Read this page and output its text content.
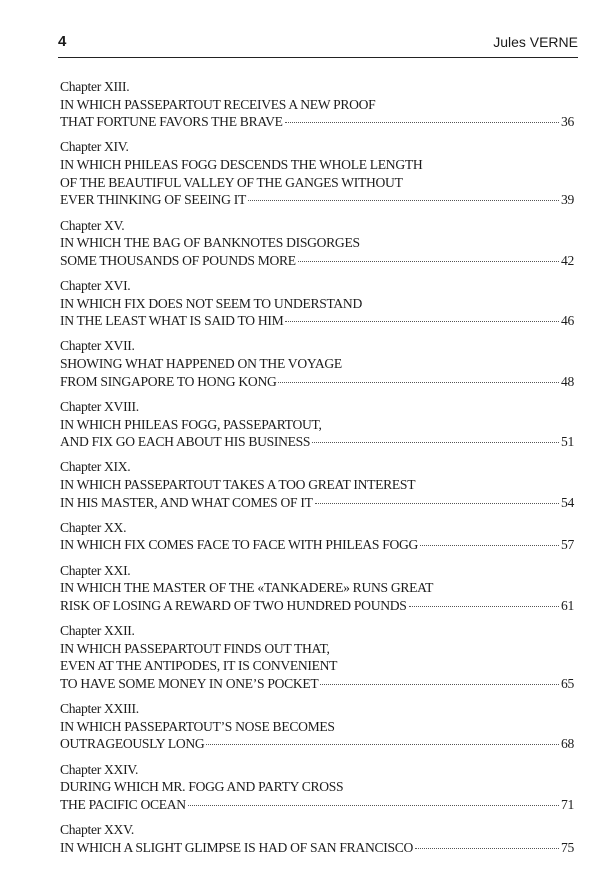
4	Jules VERNE
Chapter XIII.
IN WHICH PASSEPARTOUT RECEIVES A NEW PROOF
THAT FORTUNE FAVORS THE BRAVE	36
Chapter XIV.
IN WHICH PHILEAS FOGG DESCENDS THE WHOLE LENGTH
OF THE BEAUTIFUL VALLEY OF THE GANGES WITHOUT
EVER THINKING OF SEEING IT	39
Chapter XV.
IN WHICH THE BAG OF BANKNOTES DISGORGES
SOME THOUSANDS OF POUNDS MORE	42
Chapter XVI.
IN WHICH FIX DOES NOT SEEM TO UNDERSTAND
IN THE LEAST WHAT IS SAID TO HIM	46
Chapter XVII.
SHOWING WHAT HAPPENED ON THE VOYAGE
FROM SINGAPORE TO HONG KONG	48
Chapter XVIII.
IN WHICH PHILEAS FOGG, PASSEPARTOUT,
AND FIX GO EACH ABOUT HIS BUSINESS	51
Chapter XIX.
IN WHICH PASSEPARTOUT TAKES A TOO GREAT INTEREST
IN HIS MASTER, AND WHAT COMES OF IT	54
Chapter XX.
IN WHICH FIX COMES FACE TO FACE WITH PHILEAS FOGG	57
Chapter XXI.
IN WHICH THE MASTER OF THE «TANKADERE» RUNS GREAT
RISK OF LOSING A REWARD OF TWO HUNDRED POUNDS	61
Chapter XXII.
IN WHICH PASSEPARTOUT FINDS OUT THAT,
EVEN AT THE ANTIPODES, IT IS CONVENIENT
TO HAVE SOME MONEY IN ONE’S POCKET	65
Chapter XXIII.
IN WHICH PASSEPARTOUT’S NOSE BECOMES
OUTRAGEOUSLY LONG	68
Chapter XXIV.
DURING WHICH MR. FOGG AND PARTY CROSS
THE PACIFIC OCEAN	71
Chapter XXV.
IN WHICH A SLIGHT GLIMPSE IS HAD OF SAN FRANCISCO	75
